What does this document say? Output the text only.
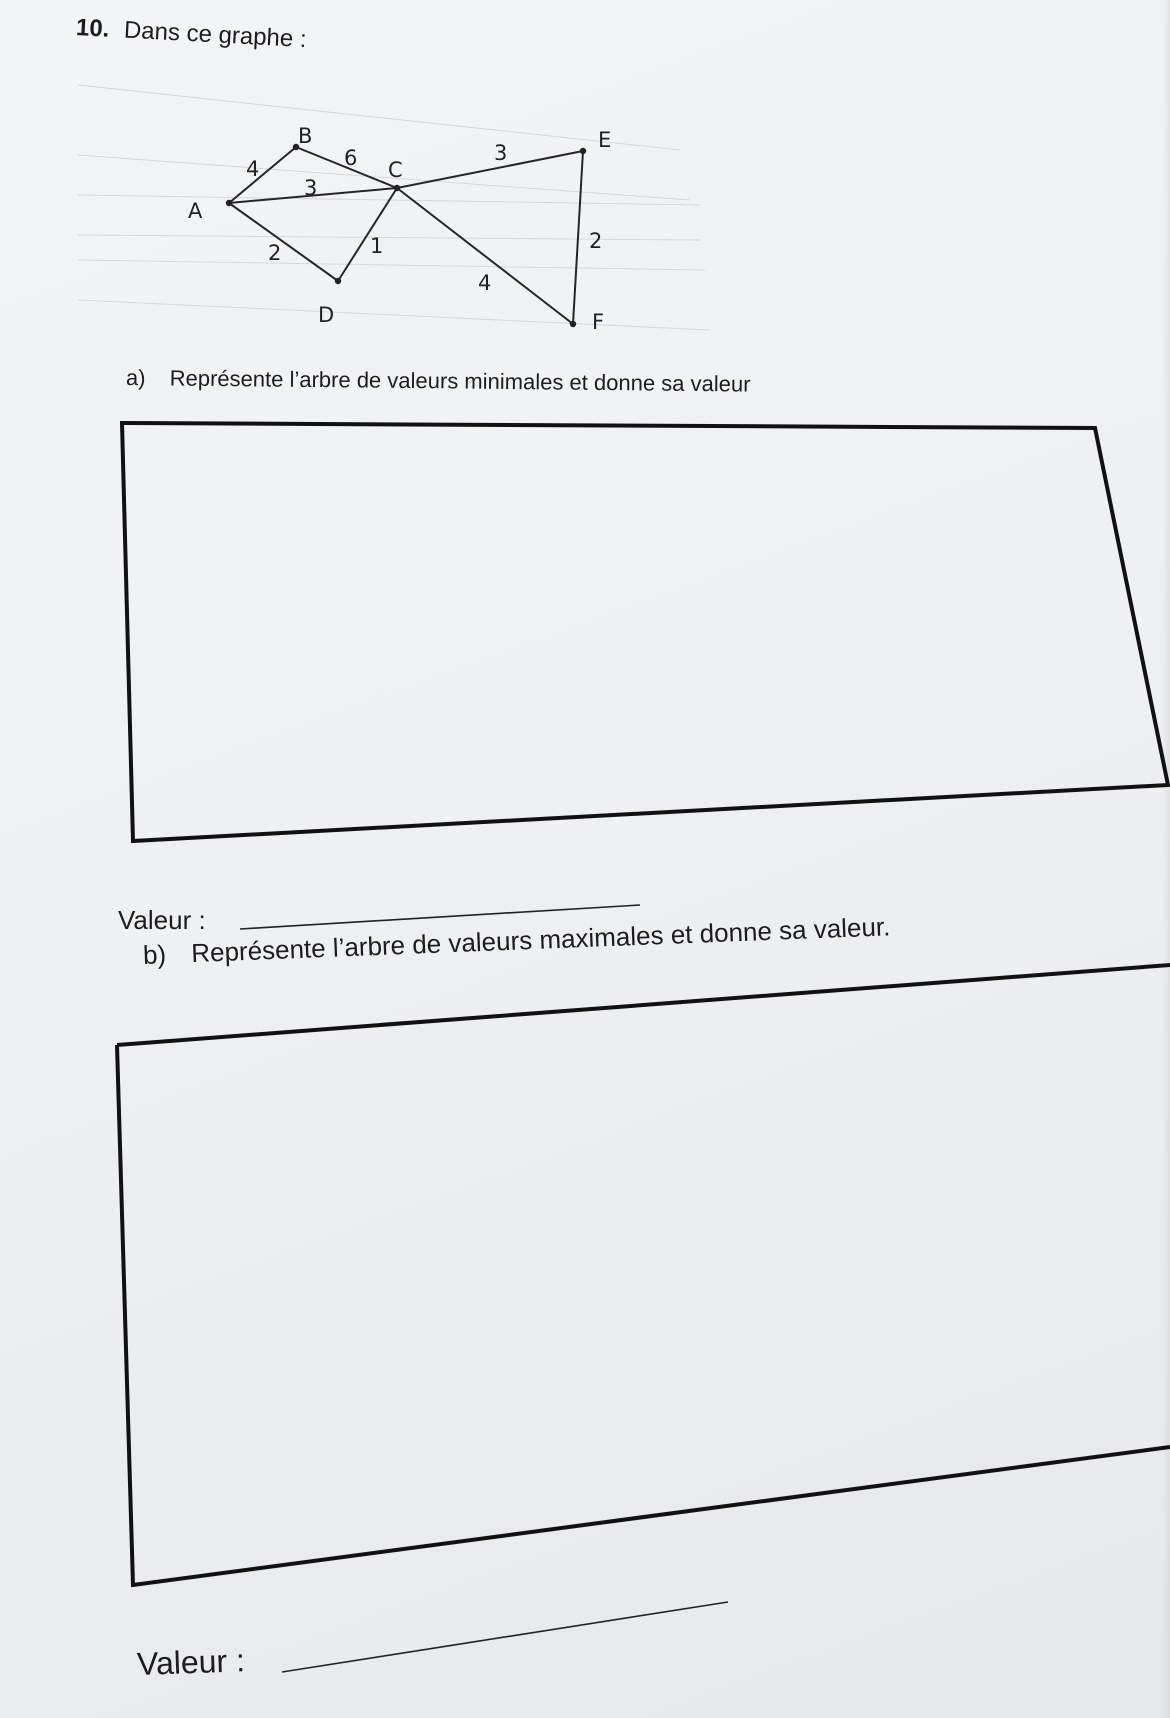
10. Dans ce graphe :
A
B
C
D
E
F
4	6
3
3
2	1
4
2
a) Représente l’arbre de valeurs minimales et donne sa valeur
Valeur :
b) Représente l’arbre de valeurs maximales et donne sa valeur.
Valeur :
